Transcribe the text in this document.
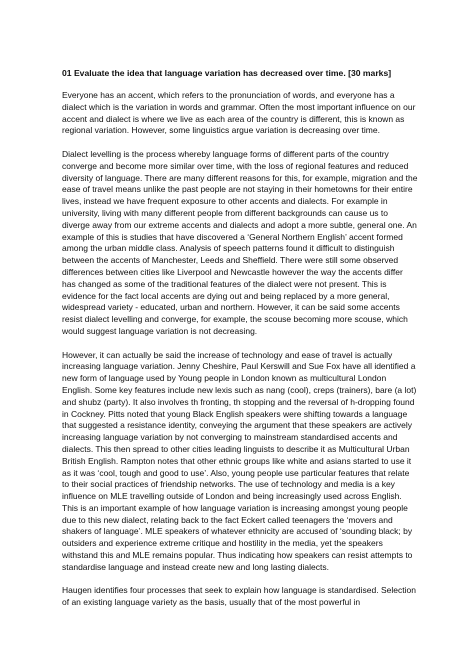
01 Evaluate the idea that language variation has decreased over time. [30 marks]

Everyone has an accent, which refers to the pronunciation of words, and everyone has a dialect which is the variation in words and grammar. Often the most important influence on our accent and dialect is where we live as each area of the country is different, this is known as regional variation. However, some linguistics argue variation is decreasing over time.

Dialect levelling is the process whereby language forms of different parts of the country converge and become more similar over time, with the loss of regional features and reduced diversity of language. There are many different reasons for this, for example, migration and the ease of travel means unlike the past people are not staying in their hometowns for their entire lives, instead we have frequent exposure to other accents and dialects. For example in university, living with many different people from different backgrounds can cause us to diverge away from our extreme accents and dialects and adopt a more subtle, general one. An example of this is studies that have discovered a ‘General Northern English’ accent formed among the urban middle class. Analysis of speech patterns found it difficult to distinguish between the accents of Manchester, Leeds and Sheffield. There were still some observed differences between cities like Liverpool and Newcastle however the way the accents differ has changed as some of the traditional features of the dialect were not present. This is evidence for the fact local accents are dying out and being replaced by a more general, widespread variety - educated, urban and northern. However, it can be said some accents resist dialect levelling and converge, for example, the scouse becoming more scouse, which would suggest language variation is not decreasing.

However, it can actually be said the increase of technology and ease of travel is actually increasing language variation. Jenny Cheshire, Paul Kerswill and Sue Fox have all identified a new form of language used by Young people in London known as multicultural London English. Some key features include new lexis such as nang (cool), creps (trainers), bare (a lot) and shubz (party). It also involves th fronting, th stopping and the reversal of h-dropping found in Cockney. Pitts noted that young Black English speakers were shifting towards a language that suggested a resistance identity, conveying the argument that these speakers are actively increasing language variation by not converging to mainstream standardised accents and dialects. This then spread to other cities leading linguists to describe it as Multicultural Urban British English. Rampton notes that other ethnic groups like white and asians started to use it as it was ‘cool, tough and good to use’. Also, young people use particular features that relate to their social practices of friendship networks. The use of technology and media is a key influence on MLE travelling outside of London and being increasingly used across English. This is an important example of how language variation is increasing amongst young people due to this new dialect, relating back to the fact Eckert called teenagers the ‘movers and shakers of language’. MLE speakers of whatever ethnicity are accused of ‘sounding black; by outsiders and experience extreme critique and hostility in the media, yet the speakers withstand this and MLE remains popular. Thus indicating how speakers can resist attempts to standardise language and instead create new and long lasting dialects.

Haugen identifies four processes that seek to explain how language is standardised. Selection of an existing language variety as the basis, usually that of the most powerful in
